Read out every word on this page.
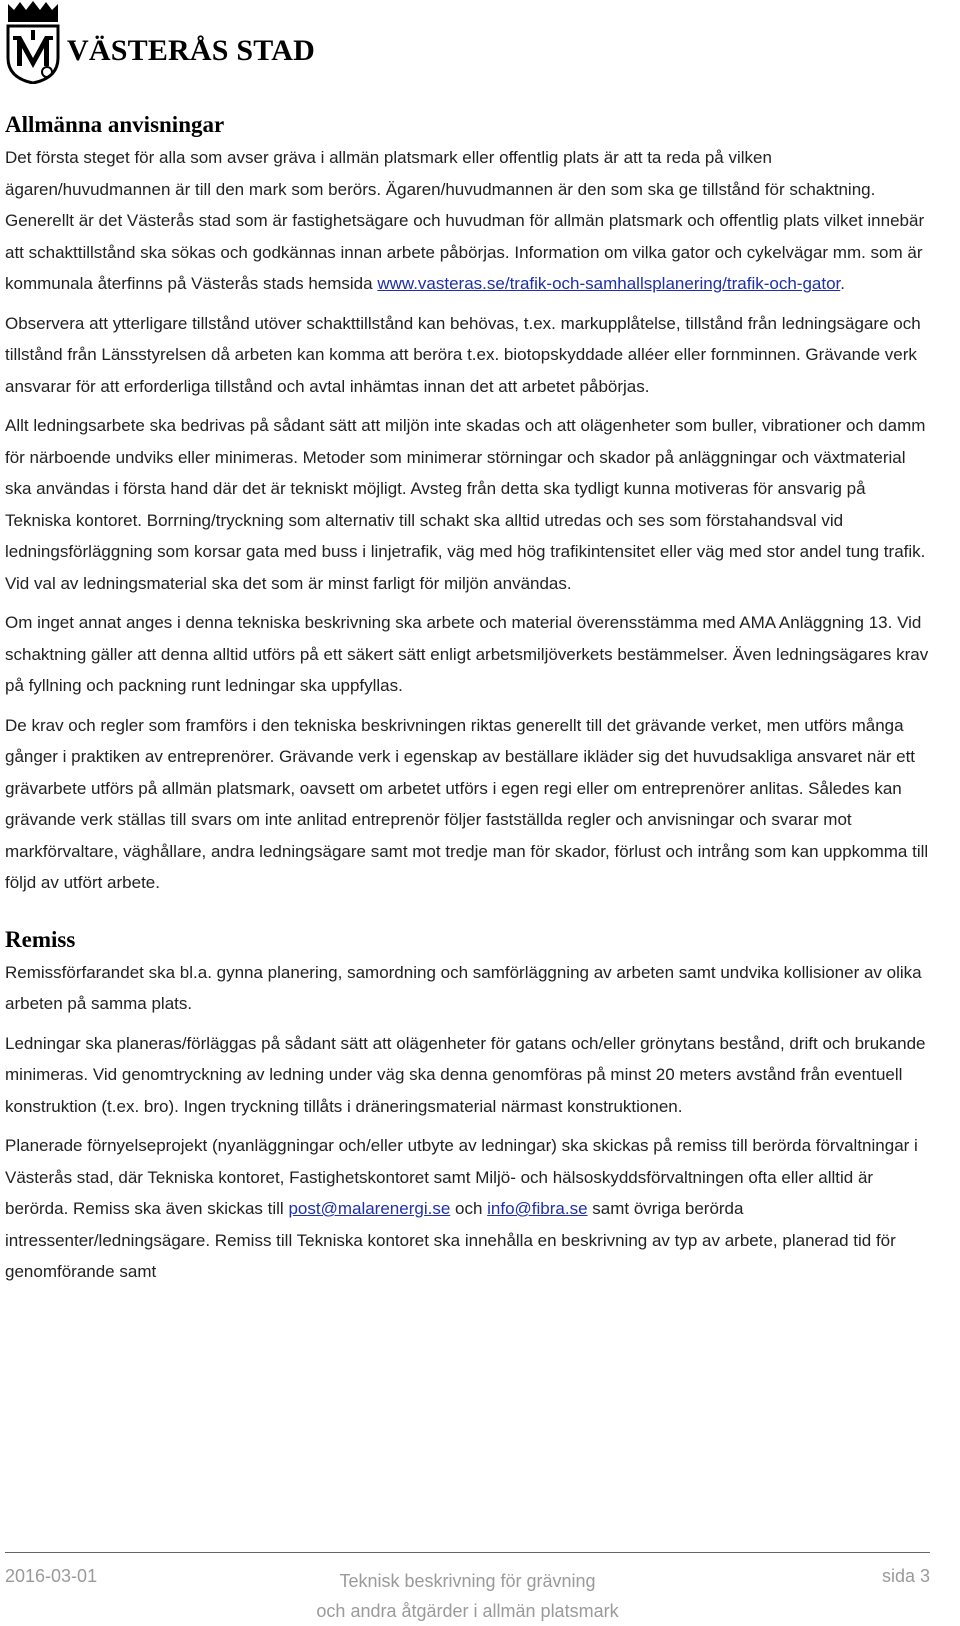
VÄSTERÅS STAD
Allmänna anvisningar

Det första steget för alla som avser gräva i allmän platsmark eller offentlig plats är att ta reda på vilken ägaren/huvudmannen är till den mark som berörs. Ägaren/huvudmannen är den som ska ge tillstånd för schaktning. Generellt är det Västerås stad som är fastighetsägare och huvudman för allmän platsmark och offentlig plats vilket innebär att schakttillstånd ska sökas och godkännas innan arbete påbörjas. Information om vilka gator och cykelvägar mm. som är kommunala återfinns på Västerås stads hemsida www.vasteras.se/trafik-och-samhallsplanering/trafik-och-gator.

Observera att ytterligare tillstånd utöver schakttillstånd kan behövas, t.ex. markupplåtelse, tillstånd från ledningsägare och tillstånd från Länsstyrelsen då arbeten kan komma att beröra t.ex. biotopskyddade alléer eller fornminnen. Grävande verk ansvarar för att erforderliga tillstånd och avtal inhämtas innan det att arbetet påbörjas.

Allt ledningsarbete ska bedrivas på sådant sätt att miljön inte skadas och att olägenheter som buller, vibrationer och damm för närboende undviks eller minimeras. Metoder som minimerar störningar och skador på anläggningar och växtmaterial ska användas i första hand där det är tekniskt möjligt. Avsteg från detta ska tydligt kunna motiveras för ansvarig på Tekniska kontoret. Borrning/tryckning som alternativ till schakt ska alltid utredas och ses som förstahandsval vid ledningsförläggning som korsar gata med buss i linjetrafik, väg med hög trafikintensitet eller väg med stor andel tung trafik. Vid val av ledningsmaterial ska det som är minst farligt för miljön användas.

Om inget annat anges i denna tekniska beskrivning ska arbete och material överensstämma med AMA Anläggning 13. Vid schaktning gäller att denna alltid utförs på ett säkert sätt enligt arbetsmiljöverkets bestämmelser. Även ledningsägares krav på fyllning och packning runt ledningar ska uppfyllas.

De krav och regler som framförs i den tekniska beskrivningen riktas generellt till det grävande verket, men utförs många gånger i praktiken av entreprenörer. Grävande verk i egenskap av beställare ikläder sig det huvudsakliga ansvaret när ett grävarbete utförs på allmän platsmark, oavsett om arbetet utförs i egen regi eller om entreprenörer anlitas. Således kan grävande verk ställas till svars om inte anlitad entreprenör följer fastställda regler och anvisningar och svarar mot markförvaltare, väghållare, andra ledningsägare samt mot tredje man för skador, förlust och intrång som kan uppkomma till följd av utfört arbete.

Remiss

Remissförfarandet ska bl.a. gynna planering, samordning och samförläggning av arbeten samt undvika kollisioner av olika arbeten på samma plats.

Ledningar ska planeras/förläggas på sådant sätt att olägenheter för gatans och/eller grönytans bestånd, drift och brukande minimeras. Vid genomtryckning av ledning under väg ska denna genomföras på minst 20 meters avstånd från eventuell konstruktion (t.ex. bro). Ingen tryckning tillåts i dräneringsmaterial närmast konstruktionen.

Planerade förnyelseprojekt (nyanläggningar och/eller utbyte av ledningar) ska skickas på remiss till berörda förvaltningar i Västerås stad, där Tekniska kontoret, Fastighetskontoret samt Miljö- och hälsoskyddsförvaltningen ofta eller alltid är berörda. Remiss ska även skickas till post@malarenergi.se och info@fibra.se samt övriga berörda intressenter/ledningsägare. Remiss till Tekniska kontoret ska innehålla en beskrivning av typ av arbete, planerad tid för genomförande samt

2016-03-01	Teknisk beskrivning för grävning
och andra åtgärder i allmän platsmark
sida 3
